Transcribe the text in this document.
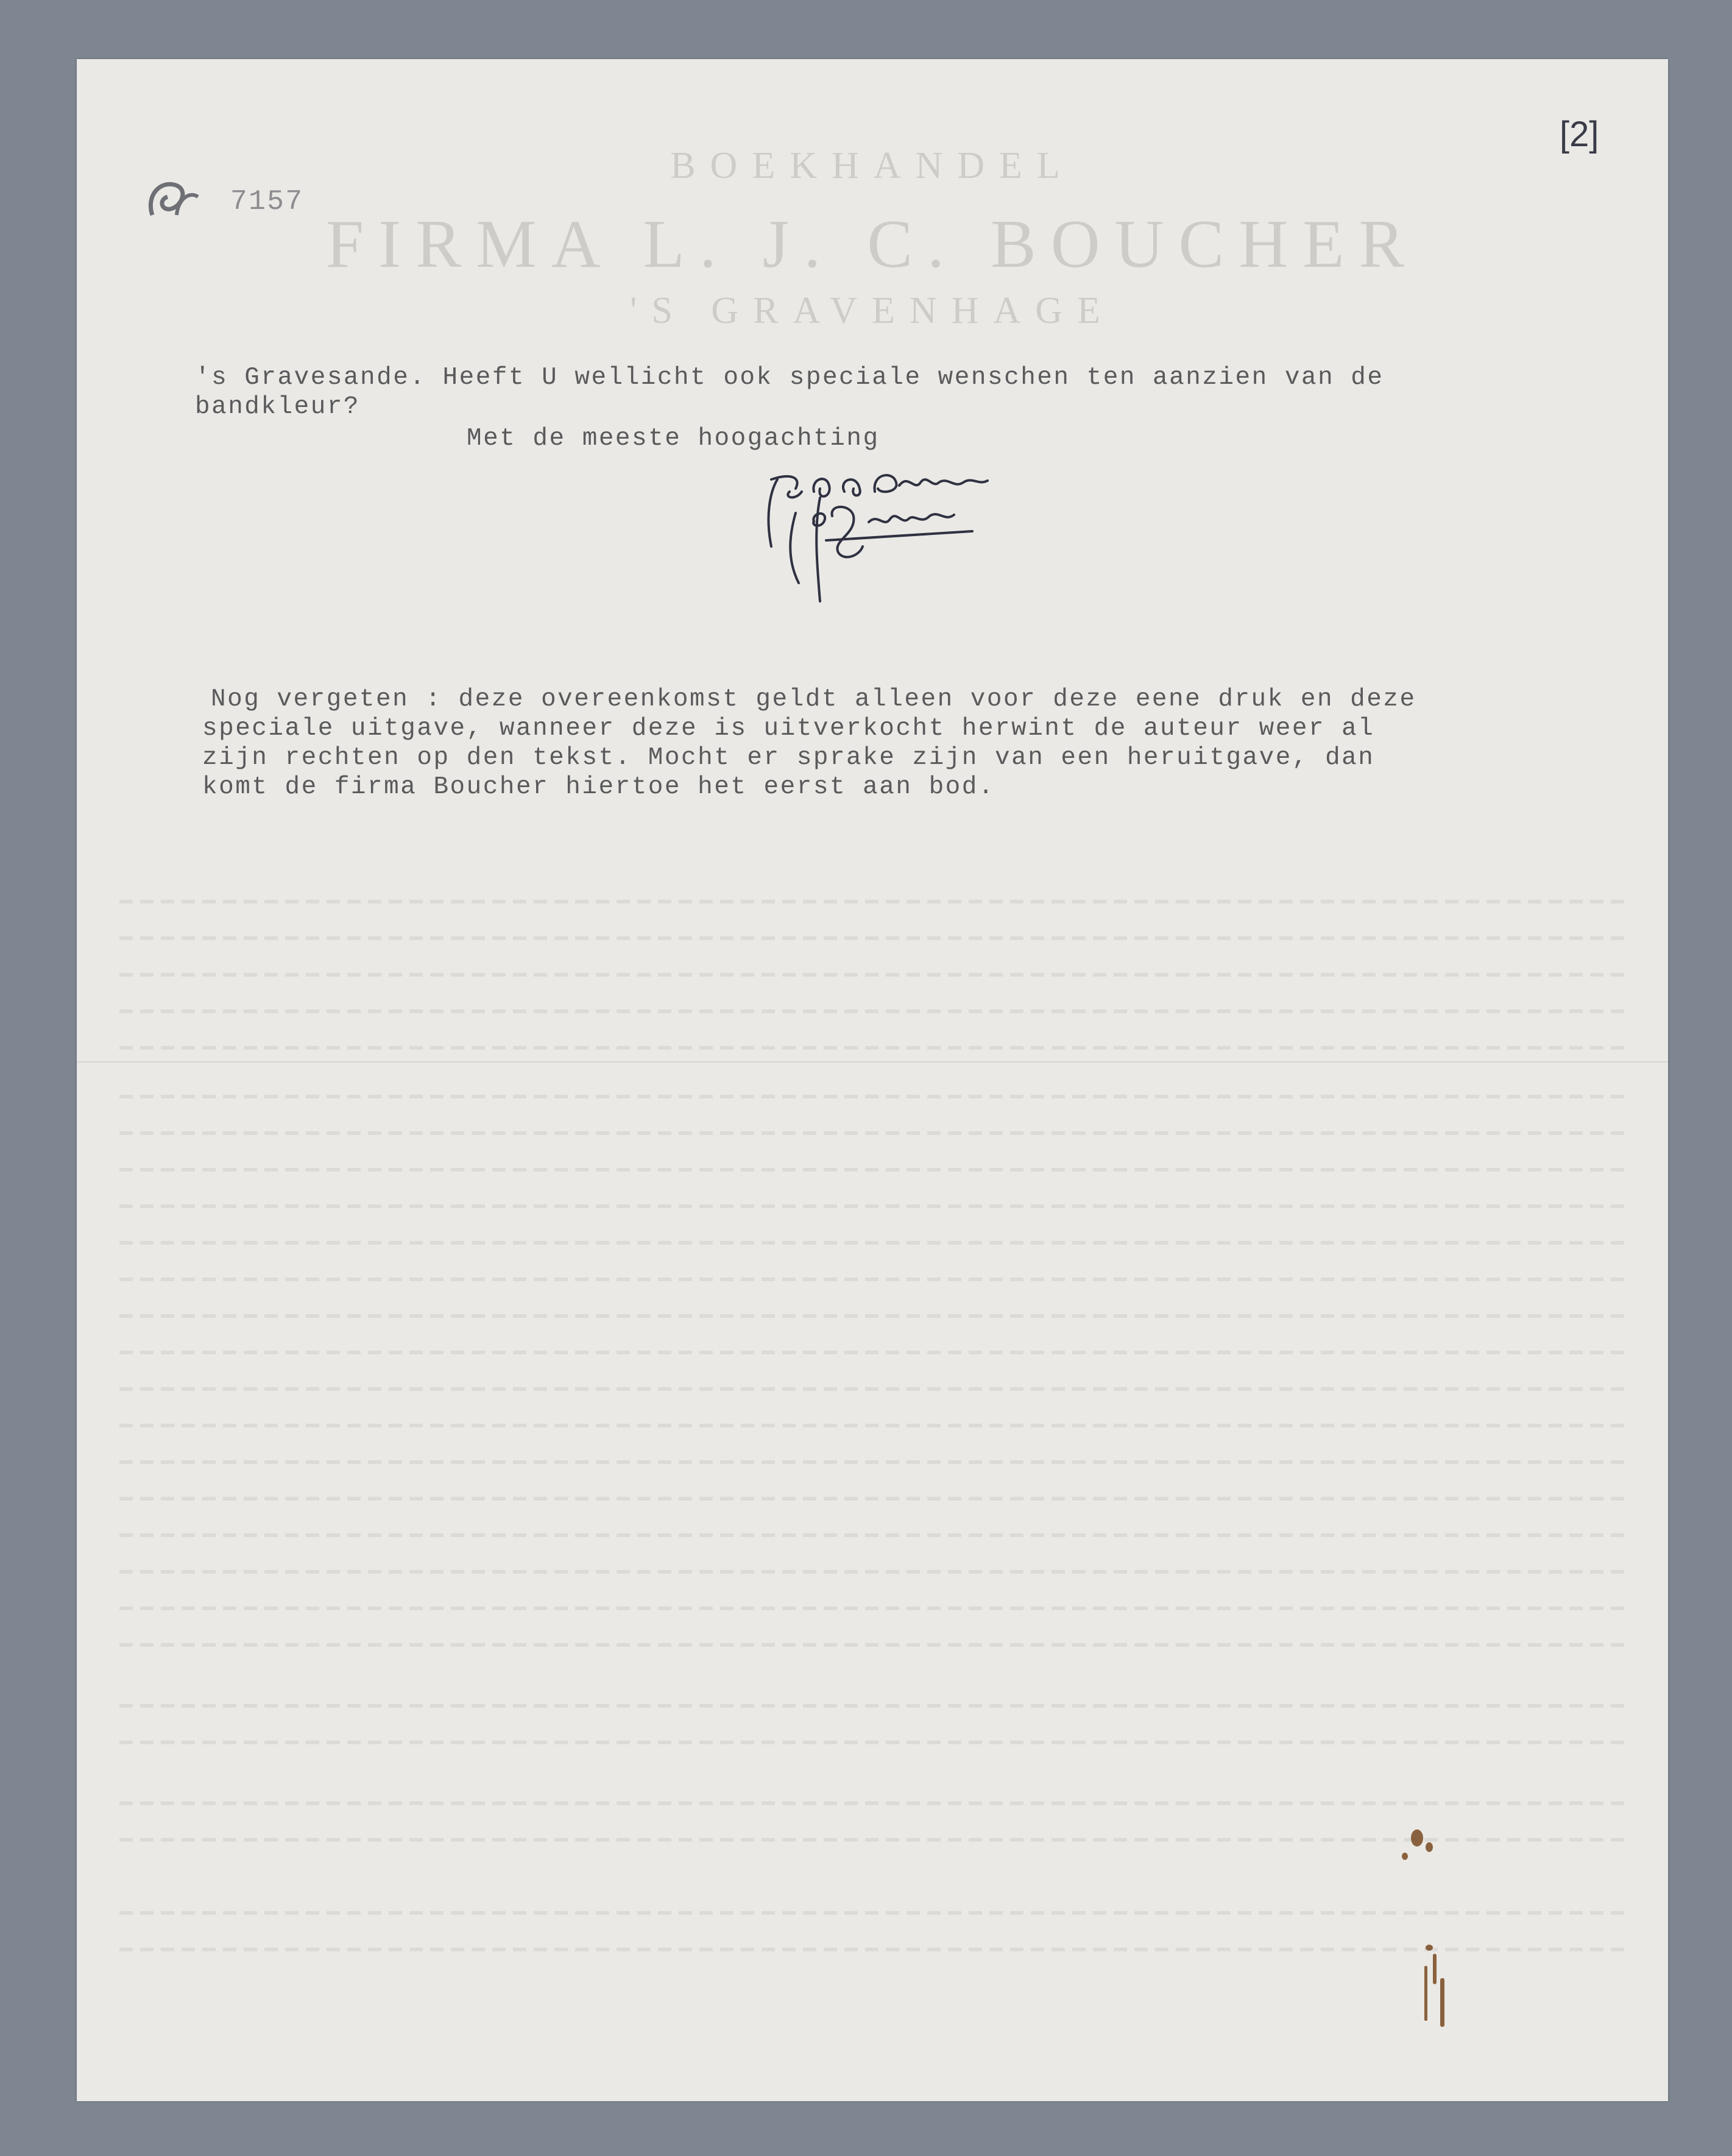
BOEKHANDEL
FIRMA L. J. C. BOUCHER
'S GRAVENHAGE
7157
[2]
's Gravesande. Heeft U wellicht ook speciale wenschen ten aanzien van de
bandkleur?
Met de meeste hoogachting
Nog vergeten : deze overeenkomst geldt alleen voor deze eene druk en deze
speciale uitgave, wanneer deze is uitverkocht herwint de auteur weer al
zijn rechten op den tekst. Mocht er sprake zijn van een heruitgave, dan
komt de firma Boucher hiertoe het eerst aan bod.
